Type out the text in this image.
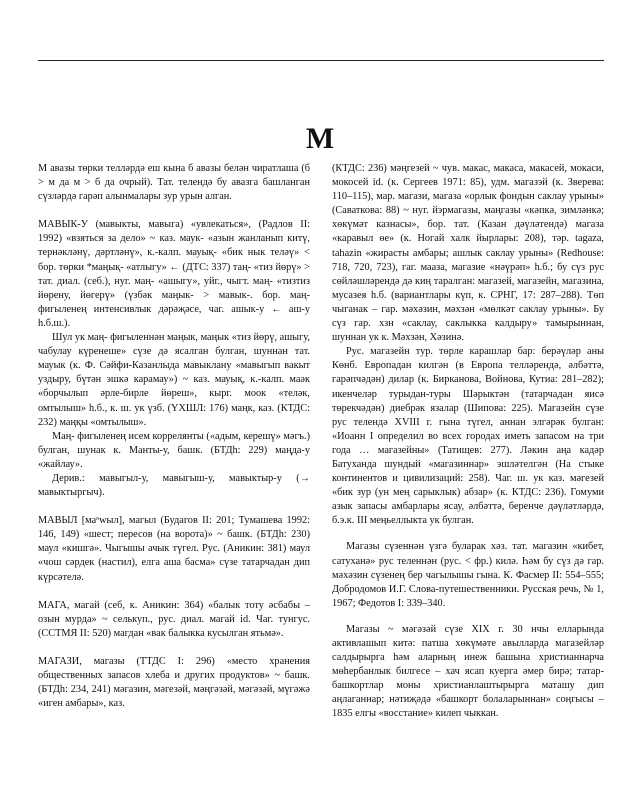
М

М авазы төрки телләрдә еш кына б авазы белән чиратлаша (б > м да м > б да очрый). Тат. телендә бу авазга башланган сүзләрдә гарәп алынмалары зур урын алган.

МАВЫК-У (мавыкты, мавыга) «увлекаться», (Радлов II: 1992) «взяться за дело» ~ каз. маук- «азын жанланып китү, тернәкләнү, дәртләнү», к.-калп. мауық- «бик нык теләү» < бор. төрки *маңық- «атлыгу» ← (ДТС: 337) таң- «тиз йөрү» > тат. диал. (себ.), нуг. маң- «ашыгу», уйг., чыгт. маң- «тизтиз йөрену, йөгерү» (үзбәк маңык- > мавык-. бор. маң- фигыленең интенсивлык дәрәҗәсе, чаг. ашык-у ← аш-у һ.б.ш.).

Шул ук маң- фигыленнән маңык, маңык «тиз йөрү, ашыгу, чабулау күренеше» сүзе дә ясалган булган, шуннан тат. мауык (к. Ф. Сәйфи-Казанлыда мавыклану «мавыгып вакыт уздыру, бүтән эшкә карамау») ~ каз. мауық, к.-калп. маәк «борчылып әрле-бирле йөреш», кырг. моок «теләк, омтылыш» һ.б., к. ш. ук үзб. (ҮХШЛ: 176) маңк, каз. (КТДС: 232) маңқы «омтылыш».

Маң- фигыленең исем коррелянты («адым, керешү» мәгъ.) булган, шунак к. Манты-у, башк. (БТДһ: 229) маңда-у «жайлау».

Дерив.: мавыгыл-у, мавыгыш-у, мавыктыр-у (→ мавыктыргыч).

МАВЫЛ [маᵒwыл], магыл (Будагов II: 201; Тумашева 1992: 146, 149) «шест; пересов (на ворота)» ~ башк. (БТДһ: 230) маул «кишгә». Чыгышы ачык түгел. Рус. (Аникин: 381) маул «чош сәрдек (настил), елга аша басма» сүзе татарчадан дип күрсәтелә.

МАГА, магай (себ, к. Аникин: 364) «балык тоту әсбабы – озын мурда» ~ селькуп., рус. диал. магай id. Чаг. тунгус. (ССТМЯ II: 520) магдан «вак балыкка кусылган ятьмә».

МАГАЗИ, магазы (ТТДС I: 296) «место хранения общественных запасов хлеба и других продуктов» ~ башк. (БТДһ: 234, 241) мәгазин, мәгезәй, мәңгәзәй, мәгәзәй, мүгәжә «иген амбары», каз.

(КТДС: 236) мәңгезей ~ чув. макас, макаса, макасей, мокаси, мокосей id. (к. Сергеев 1971: 85), удм. магазэй (к. Зверева: 110–115), мар. магази, магаза «орлык фондын саклау урыны» (Саваткова: 88) ~ нуг. йэрмагазы, маңгазы «кәпкә, зимләнкә; хөкүмәт казнасы», бор. тат. (Казан дәүләтендә) магаза «каравыл өе» (к. Ногай халк йырлары: 208), тәр. tagaza, tahazin «жирасты амбары; ашлык саклау урыны» (Redhouse: 718, 720, 723), гаг. мааза, магазие «нәүрәп» һ.б.; бу сүз рус сөйләшләрендә дә киң таралган: магазей, магазейн, магазина, мусазея һ.б. (вариантлары күп, к. СРНГ, 17: 287–288). Төп чыганак – гар. мәхәзин, мәхзән «мөлкәт саклау урыны». Бу сүз гар. хзн «саклау, саклыкка калдыру» тамырыннан, шуннан ук к. Мәхзән, Хәзинә.

Рус. магазейн тур. төрле карашлар бар: берәүләр аны Көнб. Европадан килгән (в Европа телләрендә, әлбәттә, гарәпчәдән) дилар (к. Бирканова, Войнова, Кутиа: 281–282); икенчеләр турыдан-туры Шәрыктән (татарчадан яисә төрекчәдән) диебрәк язалар (Шипова: 225). Магазейн сүзе рус телендә XVIII г. гына түгел, аннан элгәрәк булган: «Иоанн I определил во всех городах иметь запасом на три года … магазейны» (Татищев: 277). Ләкин аңа кадәр Батуханда шундый «магазиннар» эшләтелгән (На стыке континентов и цивилизаций: 258). Чаг. ш. ук каз. мәгезей «бик зур (ун мең сарыклык) абзар» (к. КТДС: 236). Гомуми азык запасы амбарлары ясау, әлбәттә, беренче дәүләтләрдә, б.э.к. III меңьеллыкта ук булган.

Магазы сүзеннән үзгә буларак хәз. тат. магазин «кибет, сатуханә» рус теленнән (рус. < фр.) килә. Һәм бу сүз дә гар. мәхәзин сүзенең бер чагылышы гына. К. Фасмер II: 554–555; Добродомов И.Г. Слова-путешественники. Русская речь, № 1, 1967; Федотов I: 339–340.

Магазы ~ мәгәзәй сүзе XIX г. 30 нчы елларында активлашып китә: патша хөкүмәте авылларда магазейләр салдырырга һәм аларның инеж башына христианнарча мөһербанлык билгесе – хач ясап куерга әмер бирә; татар-башкортлар моны христианлаштырырга маташу дип аңлаганнар; нәтиҗәдә «башкорт болаларыннан» соңгысы – 1835 елгы «восстание» килеп чыккан.
